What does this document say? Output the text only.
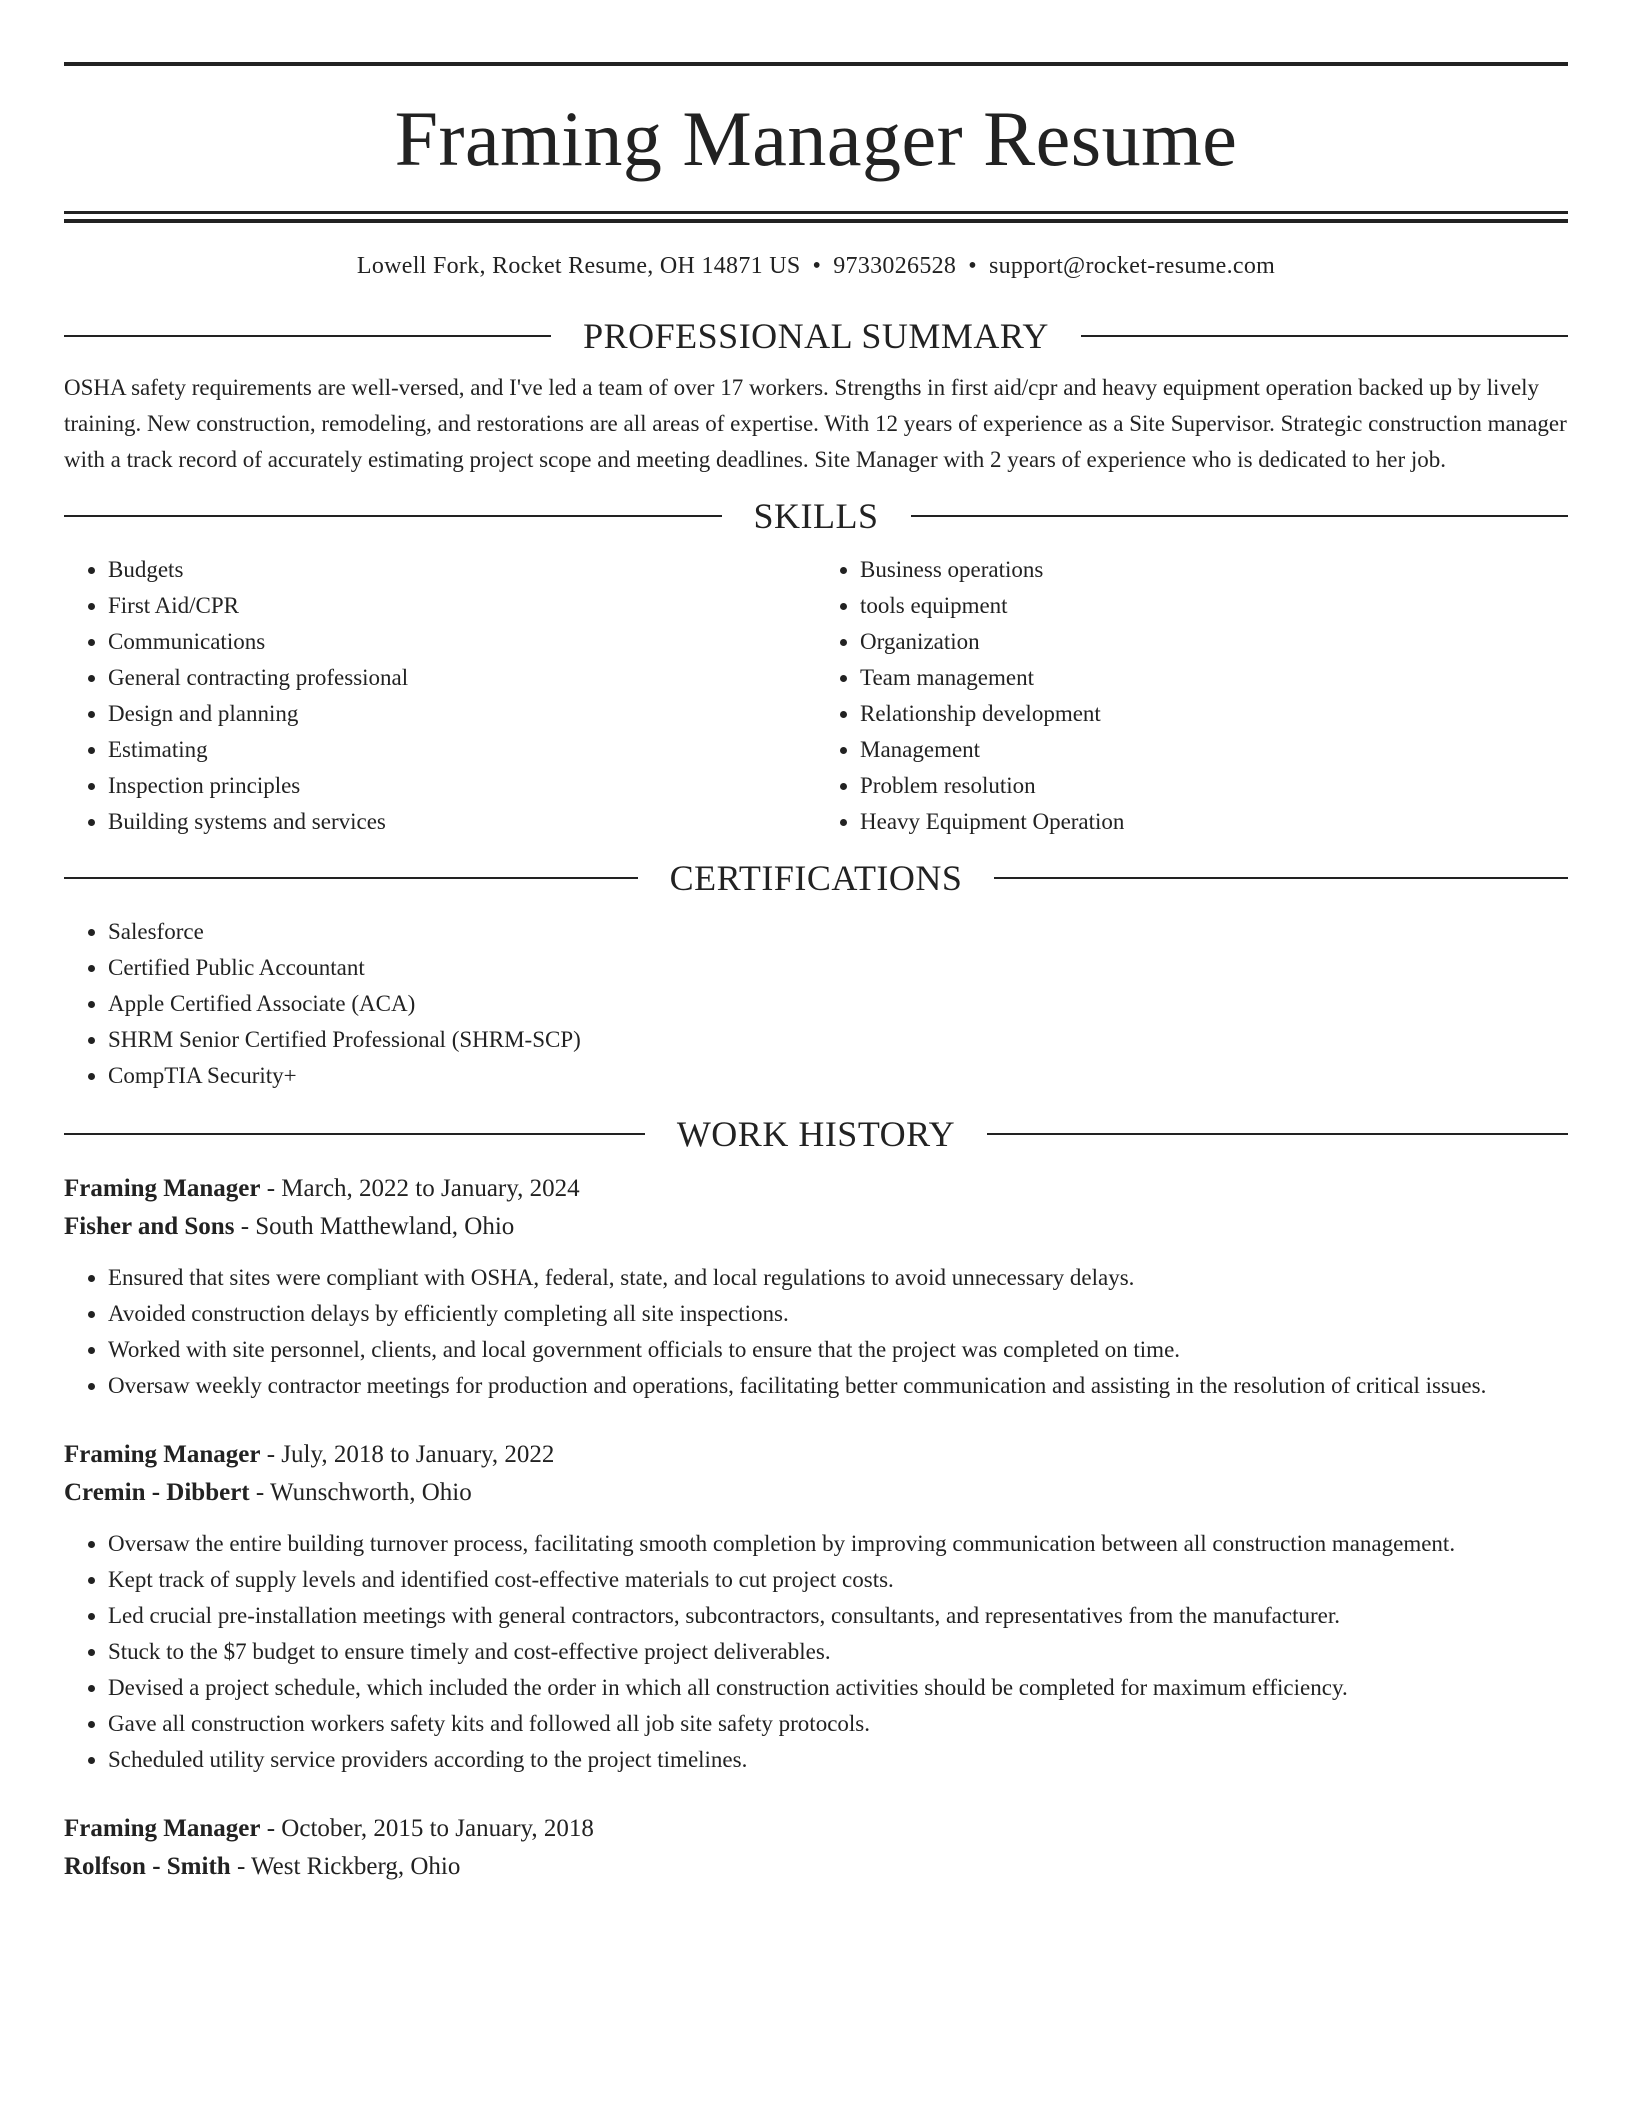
Framing Manager Resume
Lowell Fork, Rocket Resume, OH 14871 US • 9733026528 • support@rocket-resume.com
PROFESSIONAL SUMMARY

OSHA safety requirements are well-versed, and I've led a team of over 17 workers. Strengths in first aid/cpr and heavy equipment operation backed up by lively training. New construction, remodeling, and restorations are all areas of expertise. With 12 years of experience as a Site Supervisor. Strategic construction manager with a track record of accurately estimating project scope and meeting deadlines. Site Manager with 2 years of experience who is dedicated to her job.

SKILLS
• Budgets
• First Aid/CPR
• Communications
• General contracting professional
• Design and planning
• Estimating
• Inspection principles
• Building systems and services
• Business operations
• tools equipment
• Organization
• Team management
• Relationship development
• Management
• Problem resolution
• Heavy Equipment Operation
CERTIFICATIONS
• Salesforce
• Certified Public Accountant
• Apple Certified Associate (ACA)
• SHRM Senior Certified Professional (SHRM-SCP)
• CompTIA Security+
WORK HISTORY
Framing Manager - March, 2022 to January, 2024
Fisher and Sons - South Matthewland, Ohio
• Ensured that sites were compliant with OSHA, federal, state, and local regulations to avoid unnecessary delays.
• Avoided construction delays by efficiently completing all site inspections.
• Worked with site personnel, clients, and local government officials to ensure that the project was completed on time.
• Oversaw weekly contractor meetings for production and operations, facilitating better communication and assisting in the resolution of critical issues.
Framing Manager - July, 2018 to January, 2022
Cremin - Dibbert - Wunschworth, Ohio
• Oversaw the entire building turnover process, facilitating smooth completion by improving communication between all construction management.
• Kept track of supply levels and identified cost-effective materials to cut project costs.
• Led crucial pre-installation meetings with general contractors, subcontractors, consultants, and representatives from the manufacturer.
• Stuck to the $7 budget to ensure timely and cost-effective project deliverables.
• Devised a project schedule, which included the order in which all construction activities should be completed for maximum efficiency.
• Gave all construction workers safety kits and followed all job site safety protocols.
• Scheduled utility service providers according to the project timelines.
Framing Manager - October, 2015 to January, 2018
Rolfson - Smith - West Rickberg, Ohio
